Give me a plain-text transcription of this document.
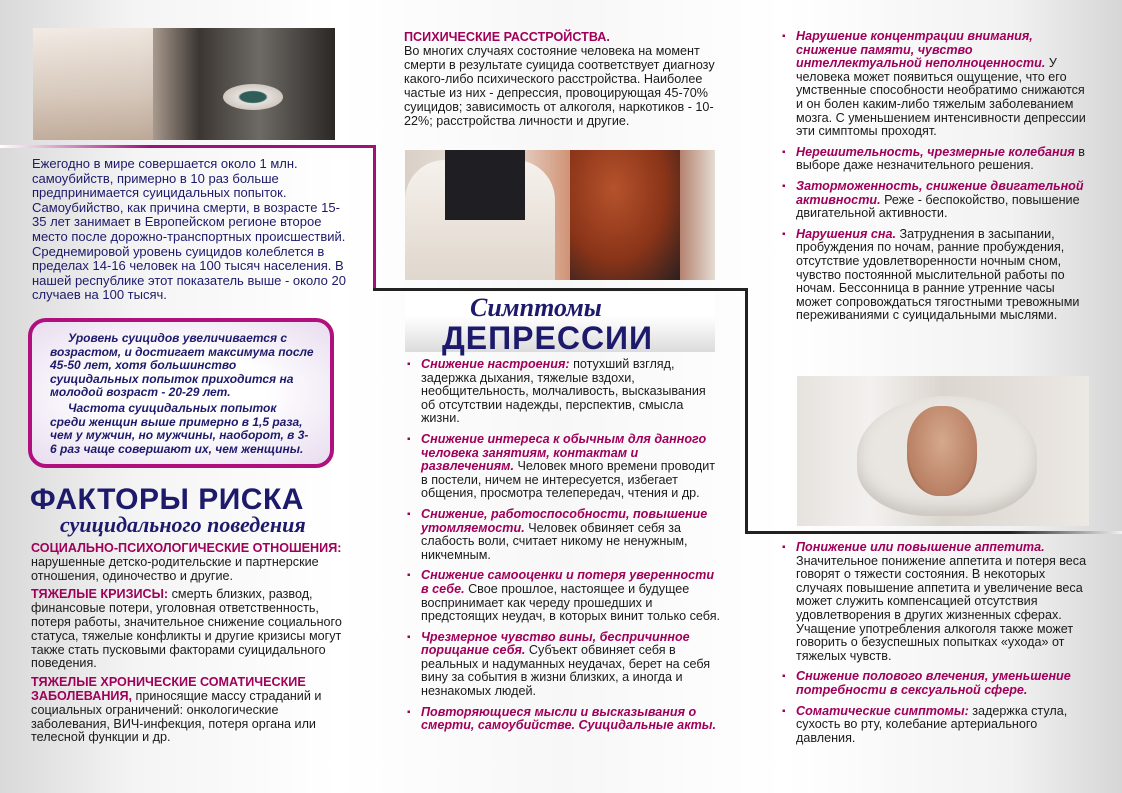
Ежегодно в мире совершается около 1 млн. самоубийств, примерно в 10 раз больше предпринимается суицидальных попыток. Самоубийство, как причина смерти, в возрасте 15-35 лет занимает в Европейском регионе второе место после дорожно-транспортных происшествий. Среднемировой уровень суицидов колеблется в пределах 14-16 человек на 100 тысяч населения. В нашей республике этот показатель выше - около 20 случаев на 100 тысяч.

Уровень суицидов увеличивается с возрастом, и достигает максимума после 45-50 лет, хотя большинство суицидальных попыток приходится на молодой возраст - 20-29 лет.

Частота суицидальных попыток среди женщин выше примерно в 1,5 раза, чем у мужчин, но мужчины, наоборот, в 3-6 раз чаще совершают их, чем женщины.

ФАКТОРЫ РИСКА
суицидального поведения

СОЦИАЛЬНО-ПСИХОЛОГИЧЕСКИЕ ОТНОШЕНИЯ: нарушенные детско-родительские и партнерские отношения, одиночество и другие.

ТЯЖЕЛЫЕ КРИЗИСЫ: смерть близких, развод, финансовые потери, уголовная ответственность, потеря работы, значительное снижение социального статуса, тяжелые конфликты и другие кризисы могут также стать пусковыми факторами суицидального поведения.

ТЯЖЕЛЫЕ ХРОНИЧЕСКИЕ СОМАТИЧЕСКИЕ ЗАБОЛЕВАНИЯ, приносящие массу страданий и социальных ограничений: онкологические заболевания, ВИЧ-инфекция, потеря органа или телесной функции и др.

ПСИХИЧЕСКИЕ РАССТРОЙСТВА.
Во многих случаях состояние человека на момент смерти в результате суицида соответствует диагнозу какого-либо психического расстройства. Наиболее частые из них - депрессия, провоцирующая 45-70% суицидов; зависимость от алкоголя, наркотиков - 10-22%; расстройства личности и другие.
Симптомы
ДЕПРЕССИИ
▪ Снижение настроения: потухший взгляд, задержка дыхания, тяжелые вздохи, необщительность, молчаливость, высказывания об отсутствии надежды, перспектив, смысла жизни.
▪ Снижение интереса к обычным для данного человека занятиям, контактам и развлечениям. Человек много времени проводит в постели, ничем не интересуется, избегает общения, просмотра телепередач, чтения и др.
▪ Снижение, работоспособности, повышение утомляемости. Человек обвиняет себя за слабость воли, считает никому не ненужным, никчемным.
▪ Снижение самооценки и потеря уверенности в себе. Свое прошлое, настоящее и будущее воспринимает как череду прошедших и предстоящих неудач, в которых винит только себя.
▪ Чрезмерное чувство вины, беспричинное порицание себя. Субъект обвиняет себя в реальных и надуманных неудачах, берет на себя вину за события в жизни близких, а иногда и незнакомых людей.
▪ Повторяющиеся мысли и высказывания о смерти, самоубийстве. Суицидальные акты.
▪ Нарушение концентрации внимания, снижение памяти, чувство интеллектуальной неполноценности. У человека может появиться ощущение, что его умственные способности необратимо снижаются и он болен каким-либо тяжелым заболеванием мозга. С уменьшением интенсивности депрессии эти симптомы проходят.
▪ Нерешительность, чрезмерные колебания в выборе даже незначительного решения.
▪ Заторможенность, снижение двигательной активности. Реже - беспокойство, повышение двигательной активности.
▪ Нарушения сна. Затруднения в засыпании, пробуждения по ночам, ранние пробуждения, отсутствие удовлетворенности ночным сном, чувство постоянной мыслительной работы по ночам. Бессонница в ранние утренние часы может сопровождаться тягостными тревожными переживаниями с суицидальными мыслями.
▪ Понижение или повышение аппетита. Значительное понижение аппетита и потеря веса говорят о тяжести состояния. В некоторых случаях повышение аппетита и увеличение веса может служить компенсацией отсутствия удовлетворения в других жизненных сферах. Учащение употребления алкоголя также может говорить о безуспешных попытках «ухода» от тяжелых чувств.
▪ Снижение полового влечения, уменьшение потребности в сексуальной сфере.
▪ Соматические симптомы: задержка стула, сухость во рту, колебание артериального давления.
